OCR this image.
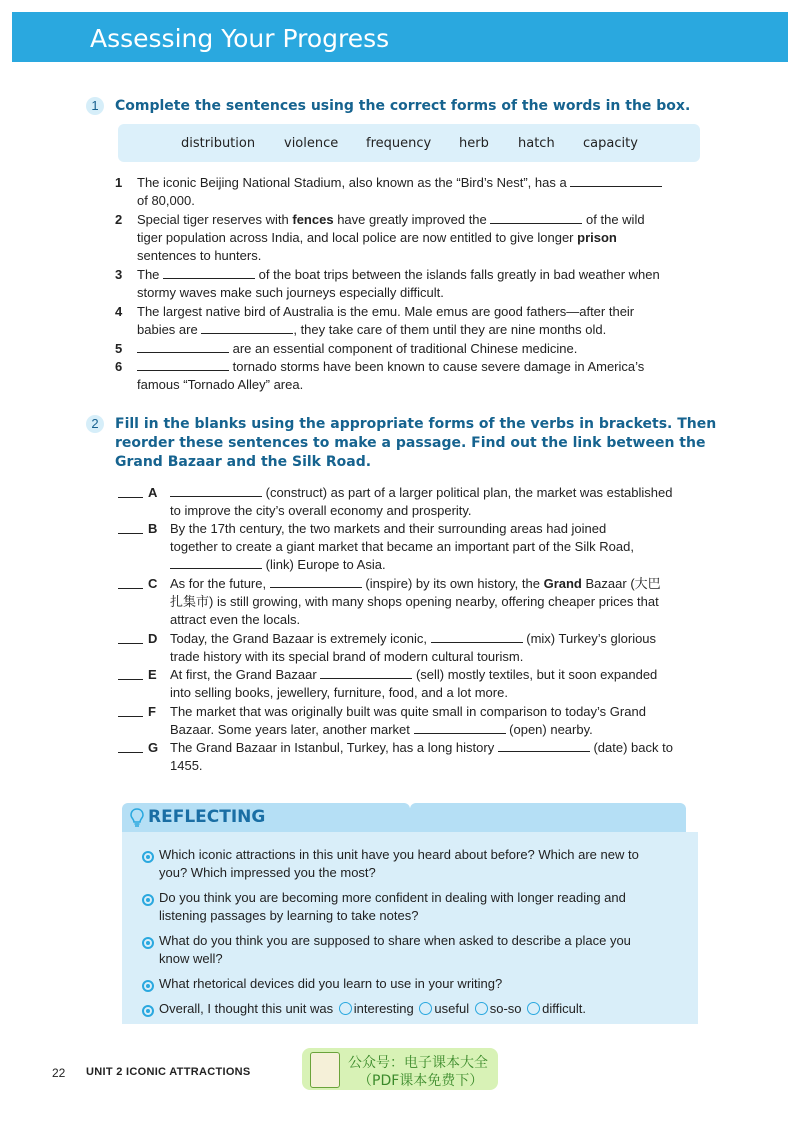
Assessing Your Progress
1	Complete the sentences using the correct forms of the words in the box.
distribution violence frequency herb hatch capacity
1 The iconic Beijing National Stadium, also known as the “Bird’s Nest”, has a
of 80,000.
2 Special tiger reserves with fences have greatly improved the	of the wild
tiger population across India, and local police are now entitled to give longer prison
sentences to hunters.
3 The	of the boat trips between the islands falls greatly in bad weather when
stormy waves make such journeys especially difficult.
4 The largest native bird of Australia is the emu. Male emus are good fathers—after their
babies are	, they take care of them until they are nine months old.
5	are an essential component of traditional Chinese medicine.
6	tornado storms have been known to cause severe damage in America’s
famous “Tornado Alley” area.
2	Fill in the blanks using the appropriate forms of the verbs in brackets. Then
reorder these sentences to make a passage. Find out the link between the
Grand Bazaar and the Silk Road.
A	(construct) as part of a larger political plan, the market was established
to improve the city’s overall economy and prosperity.
B By the 17th century, the two markets and their surrounding areas had joined
together to create a giant market that became an important part of the Silk Road,
(link) Europe to Asia.
C As for the future,	(inspire) by its own history, the Grand Bazaar (大巴
扎集市) is still growing, with many shops opening nearby, offering cheaper prices that
attract even the locals.
D Today, the Grand Bazaar is extremely iconic,	(mix) Turkey’s glorious
trade history with its special brand of modern cultural tourism.
E At first, the Grand Bazaar	(sell) mostly textiles, but it soon expanded
into selling books, jewellery, furniture, food, and a lot more.
F The market that was originally built was quite small in comparison to today’s Grand
Bazaar. Some years later, another market	(open) nearby.
G The Grand Bazaar in Istanbul, Turkey, has a long history	(date) back to
1455.
REFLECTING
Which iconic attractions in this unit have you heard about before? Which are new to
you? Which impressed you the most?
Do you think you are becoming more confident in dealing with longer reading and
listening passages by learning to take notes?
What do you think you are supposed to share when asked to describe a place you
know well?
What rhetorical devices did you learn to use in your writing?
Overall, I thought this unit was interesting useful so-so difficult.
22 UNIT 2 ICONIC ATTRACTIONS
公众号：电子课本大全
（PDF课本免费下）
